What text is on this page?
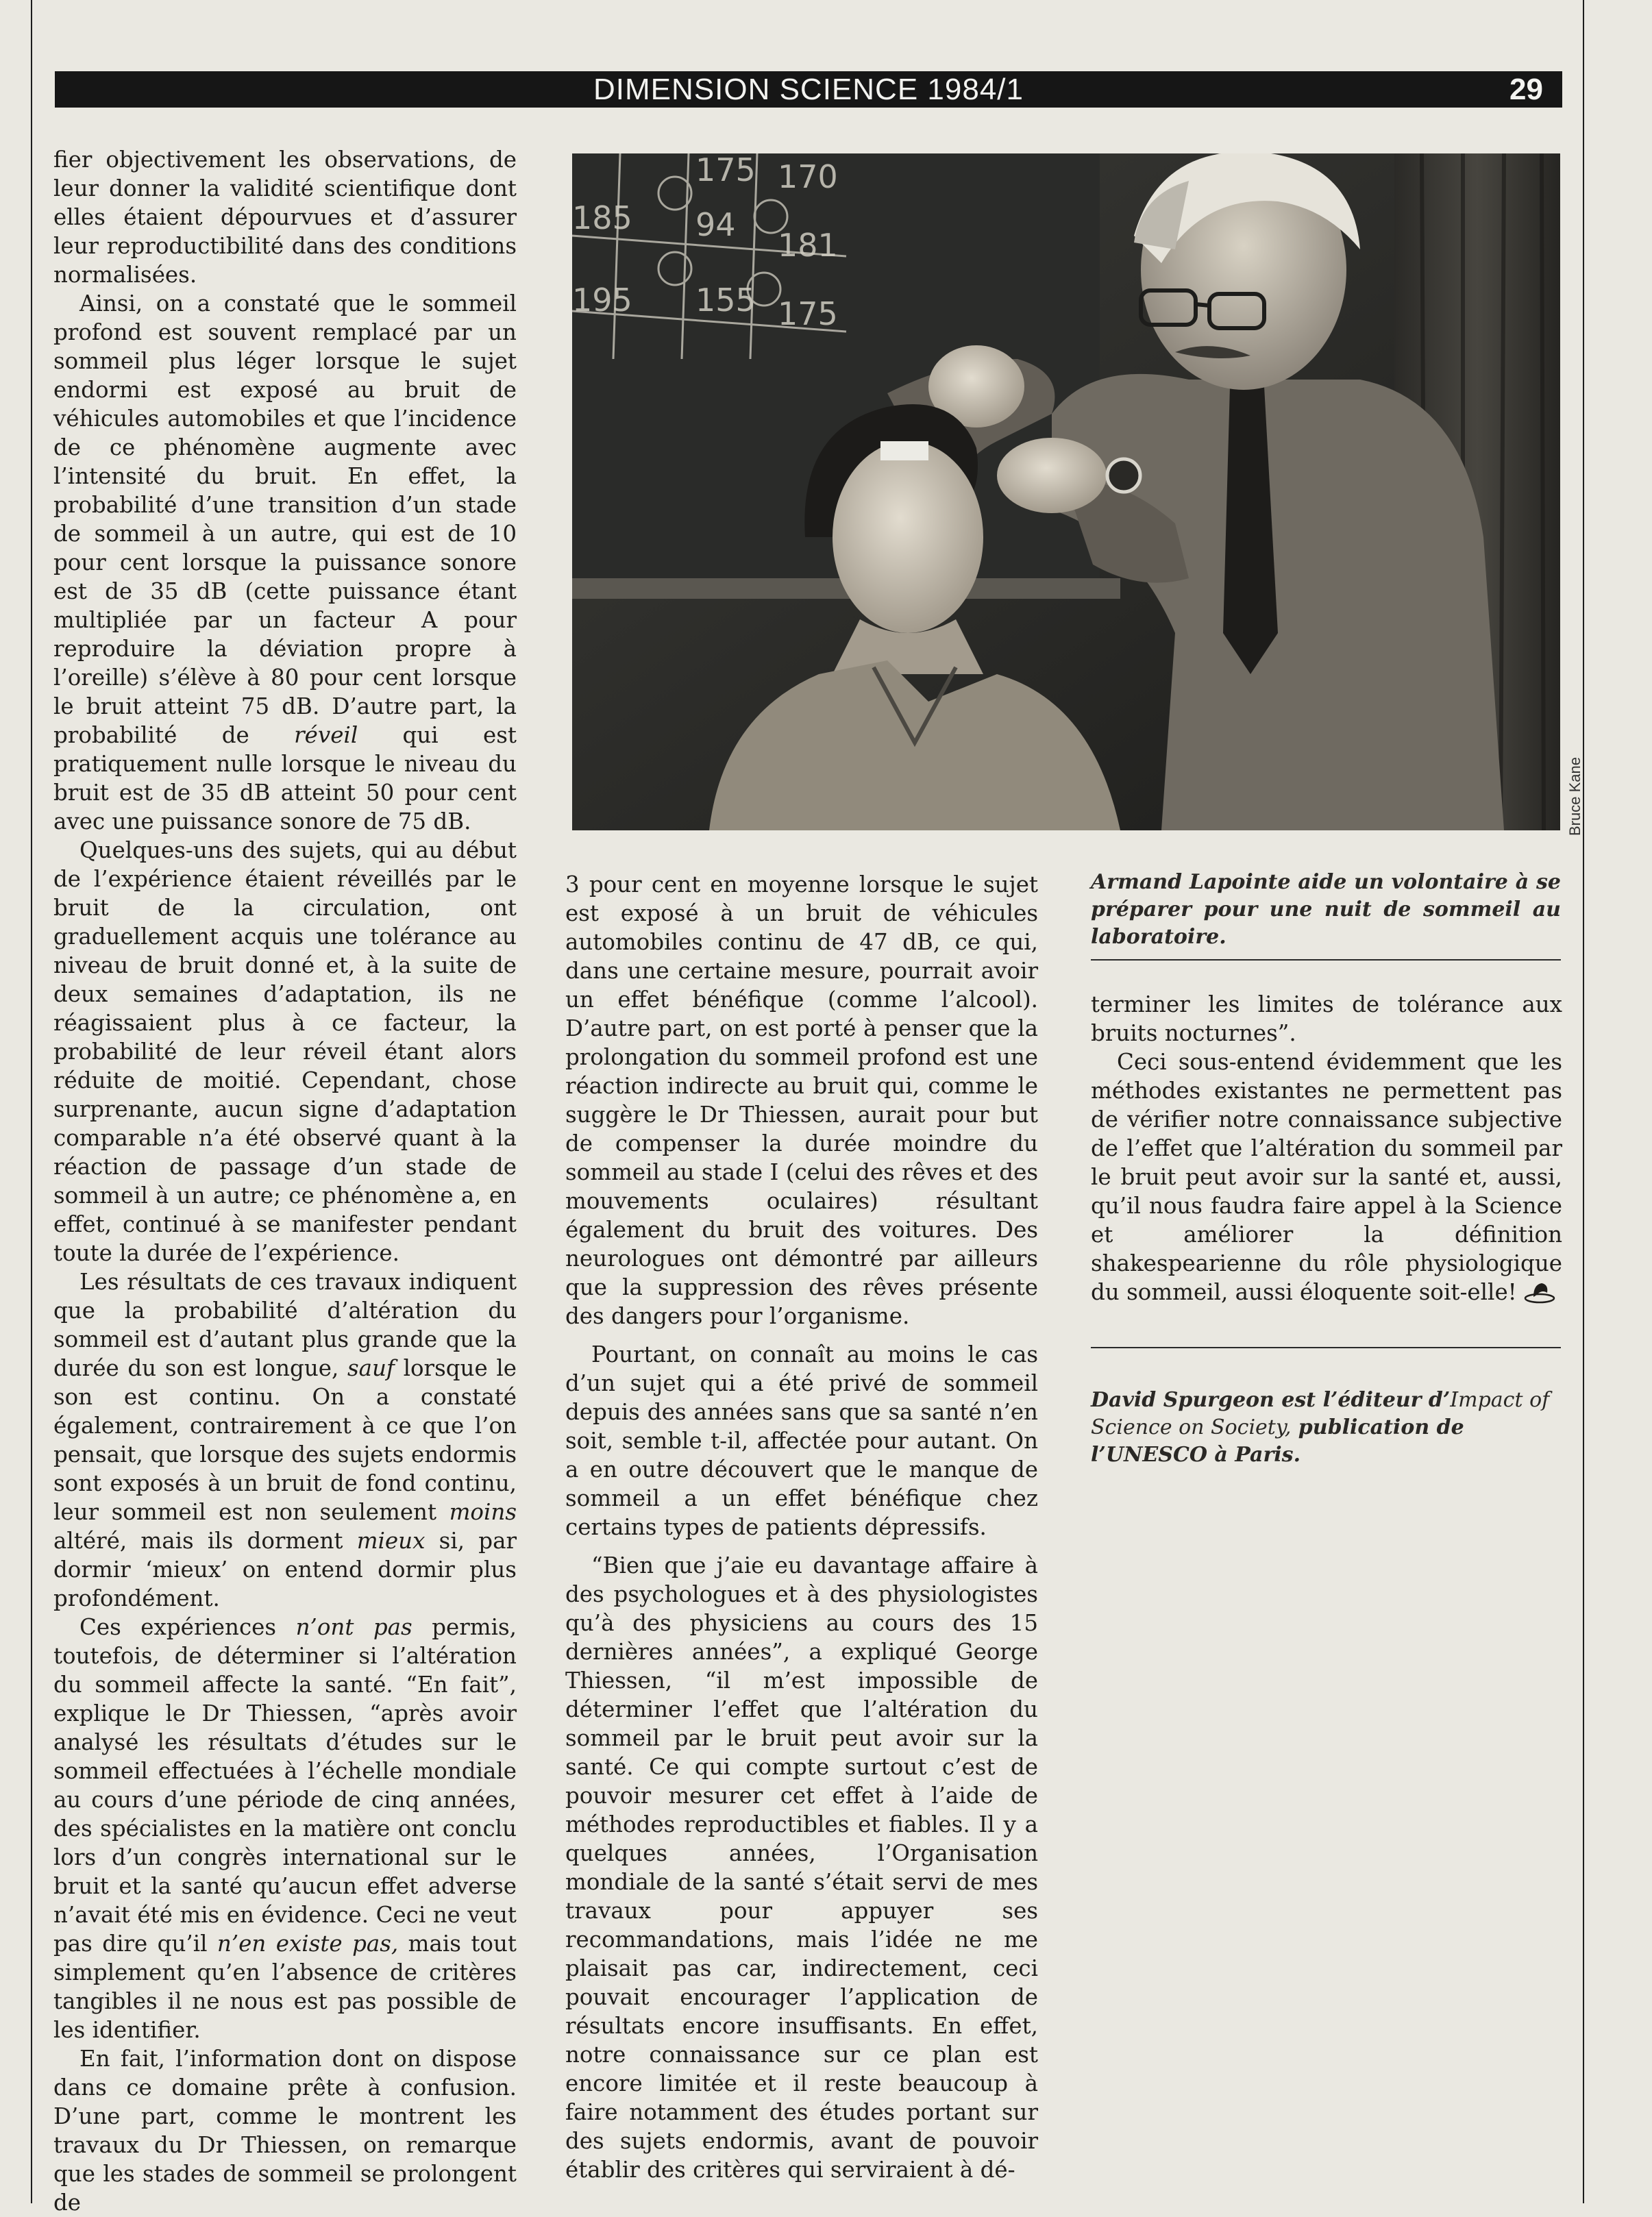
DIMENSION SCIENCE 1984/1	29

fier objectivement les observations, de leur donner la validité scientifique dont elles étaient dépourvues et d’assurer leur reproductibilité dans des conditions normalisées.

Ainsi, on a constaté que le sommeil profond est souvent remplacé par un sommeil plus léger lorsque le sujet endormi est exposé au bruit de véhicules automobiles et que l’incidence de ce phénomène augmente avec l’intensité du bruit. En effet, la probabilité d’une transition d’un stade de sommeil à un autre, qui est de 10 pour cent lorsque la puissance sonore est de 35 dB (cette puissance étant multipliée par un facteur A pour reproduire la déviation propre à l’oreille) s’élève à 80 pour cent lorsque le bruit atteint 75 dB. D’autre part, la probabilité de réveil qui est pratiquement nulle lorsque le niveau du bruit est de 35 dB atteint 50 pour cent avec une puissance sonore de 75 dB.

Quelques-uns des sujets, qui au début de l’expérience étaient réveillés par le bruit de la circulation, ont graduellement acquis une tolérance au niveau de bruit donné et, à la suite de deux semaines d’adaptation, ils ne réagissaient plus à ce facteur, la probabilité de leur réveil étant alors réduite de moitié. Cependant, chose surprenante, aucun signe d’adaptation comparable n’a été observé quant à la réaction de passage d’un stade de sommeil à un autre; ce phénomène a, en effet, continué à se manifester pendant toute la durée de l’expérience.

Les résultats de ces travaux indiquent que la probabilité d’altération du sommeil est d’autant plus grande que la durée du son est longue, sauf lorsque le son est continu. On a constaté également, contrairement à ce que l’on pensait, que lorsque des sujets endormis sont exposés à un bruit de fond continu, leur sommeil est non seulement moins altéré, mais ils dorment mieux si, par dormir ‘mieux’ on entend dormir plus profondément.

Ces expériences n’ont pas permis, toutefois, de déterminer si l’altération du sommeil affecte la santé. “En fait”, explique le Dr Thiessen, “après avoir analysé les résultats d’études sur le sommeil effectuées à l’échelle mondiale au cours d’une période de cinq années, des spécialistes en la matière ont conclu lors d’un congrès international sur le bruit et la santé qu’aucun effet adverse n’avait été mis en évidence. Ceci ne veut pas dire qu’il n’en existe pas, mais tout simplement qu’en l’absence de critères tangibles il ne nous est pas possible de les identifier.

En fait, l’information dont on dispose dans ce domaine prête à confusion. D’une part, comme le montrent les travaux du Dr Thiessen, on remarque que les stades de sommeil se prolongent de

175 170
185 94
181
195 155 175
Bruce Kane

3 pour cent en moyenne lorsque le sujet est exposé à un bruit de véhicules automobiles continu de 47 dB, ce qui, dans une certaine mesure, pourrait avoir un effet bénéfique (comme l’alcool). D’autre part, on est porté à penser que la prolongation du sommeil profond est une réaction indirecte au bruit qui, comme le suggère le Dr Thiessen, aurait pour but de compenser la durée moindre du sommeil au stade I (celui des rêves et des mouvements oculaires) résultant également du bruit des voitures. Des neurologues ont démontré par ailleurs que la suppression des rêves présente des dangers pour l’organisme.

Pourtant, on connaît au moins le cas d’un sujet qui a été privé de sommeil depuis des années sans que sa santé n’en soit, semble t-il, affectée pour autant. On a en outre découvert que le manque de sommeil a un effet bénéfique chez certains types de patients dépressifs.

“Bien que j’aie eu davantage affaire à des psychologues et à des physiologistes qu’à des physiciens au cours des 15 dernières années”, a expliqué George Thiessen, “il m’est impossible de déterminer l’effet que l’altération du sommeil par le bruit peut avoir sur la santé. Ce qui compte surtout c’est de pouvoir mesurer cet effet à l’aide de méthodes reproductibles et fiables. Il y a quelques années, l’Organisation mondiale de la santé s’était servi de mes travaux pour appuyer ses recommandations, mais l’idée ne me plaisait pas car, indirectement, ceci pouvait encourager l’application de résultats encore insuffisants. En effet, notre connaissance sur ce plan est encore limitée et il reste beaucoup à faire notamment des études portant sur des sujets endormis, avant de pouvoir établir des critères qui serviraient à dé-

Armand Lapointe aide un volontaire à se préparer pour une nuit de sommeil au laboratoire.

terminer les limites de tolérance aux bruits nocturnes”.

Ceci sous-entend évidemment que les méthodes existantes ne permettent pas de vérifier notre connaissance subjective de l’effet que l’altération du sommeil par le bruit peut avoir sur la santé et, aussi, qu’il nous faudra faire appel à la Science et améliorer la définition shakespearienne du rôle physiologique du sommeil, aussi éloquente soit-elle!

David Spurgeon est l’éditeur d’Impact of Science on Society, publication de l’UNESCO à Paris.
